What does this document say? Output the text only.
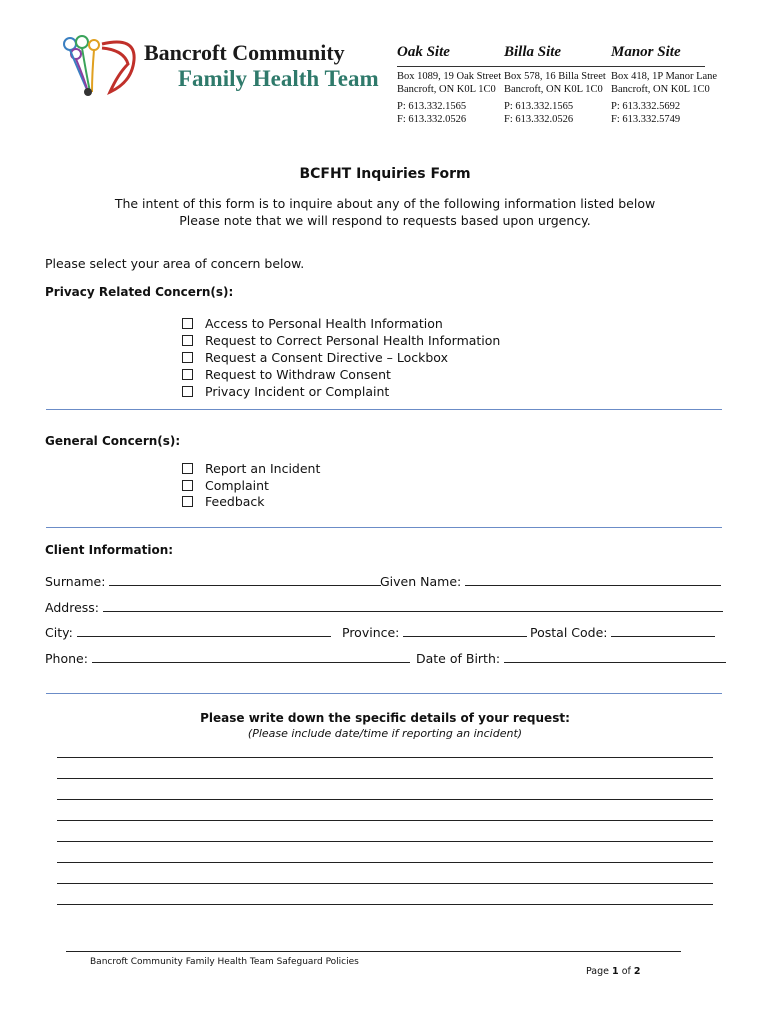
Bancroft Community
Family Health Team
Oak Site	Billa Site	Manor Site
Box 1089, 19 Oak Street
Bancroft, ON K0L 1C0
P: 613.332.1565
F: 613.332.0526
Box 578, 16 Billa Street
Bancroft, ON K0L 1C0
P: 613.332.1565
F: 613.332.0526
Box 418, 1P Manor Lane
Bancroft, ON K0L 1C0
P: 613.332.5692
F: 613.332.5749
BCFHT Inquiries Form
The intent of this form is to inquire about any of the following information listed below
Please note that we will respond to requests based upon urgency.
Please select your area of concern below.
Privacy Related Concern(s):
Access to Personal Health Information
Request to Correct Personal Health Information
Request a Consent Directive – Lockbox
Request to Withdraw Consent
Privacy Incident or Complaint
General Concern(s):
Report an Incident
Complaint
Feedback
Client Information:
Surname:	Given Name:
Address:
City:	Province:	Postal Code:
Phone:	Date of Birth:
Please write down the specific details of your request:
(Please include date/time if reporting an incident)
Bancroft Community Family Health Team Safeguard Policies
Page 1 of 2
